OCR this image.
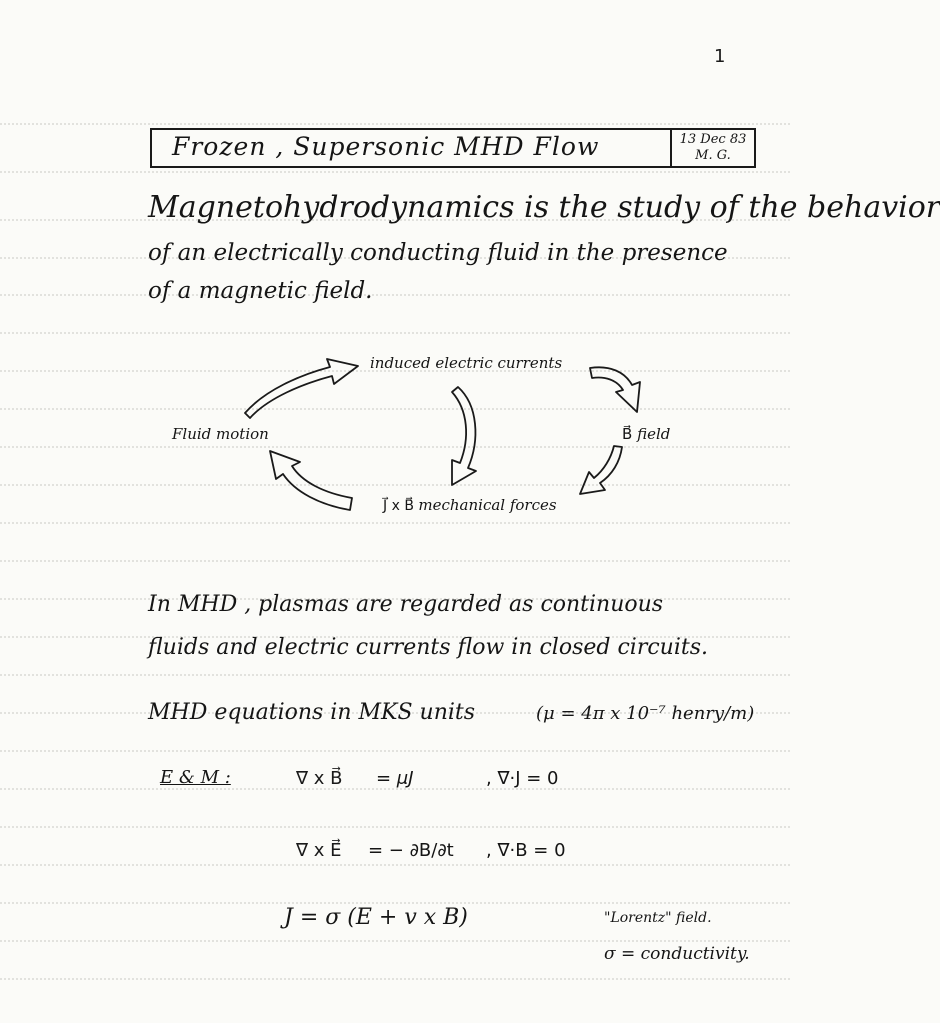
1
Frozen , Supersonic MHD Flow	13 Dec 83
M. G.
Magnetohydrodynamics is the study of the behavior
of an electrically conducting fluid in the presence
of a magnetic field.
induced electric currents
Fluid motion	B⃗ field
J⃗ x B⃗ mechanical forces
In MHD , plasmas are regarded as continuous
fluids and electric currents flow in closed circuits.
MHD equations in MKS units	(μ = 4π x 10⁻⁷ henry/m)
E & M :	∇ x B⃗ = μJ	, ∇·J = 0
∇ x E⃗ = − ∂B/∂t , ∇·B = 0
J = σ (E + v x B)	"Lorentz" field.
σ = conductivity.
